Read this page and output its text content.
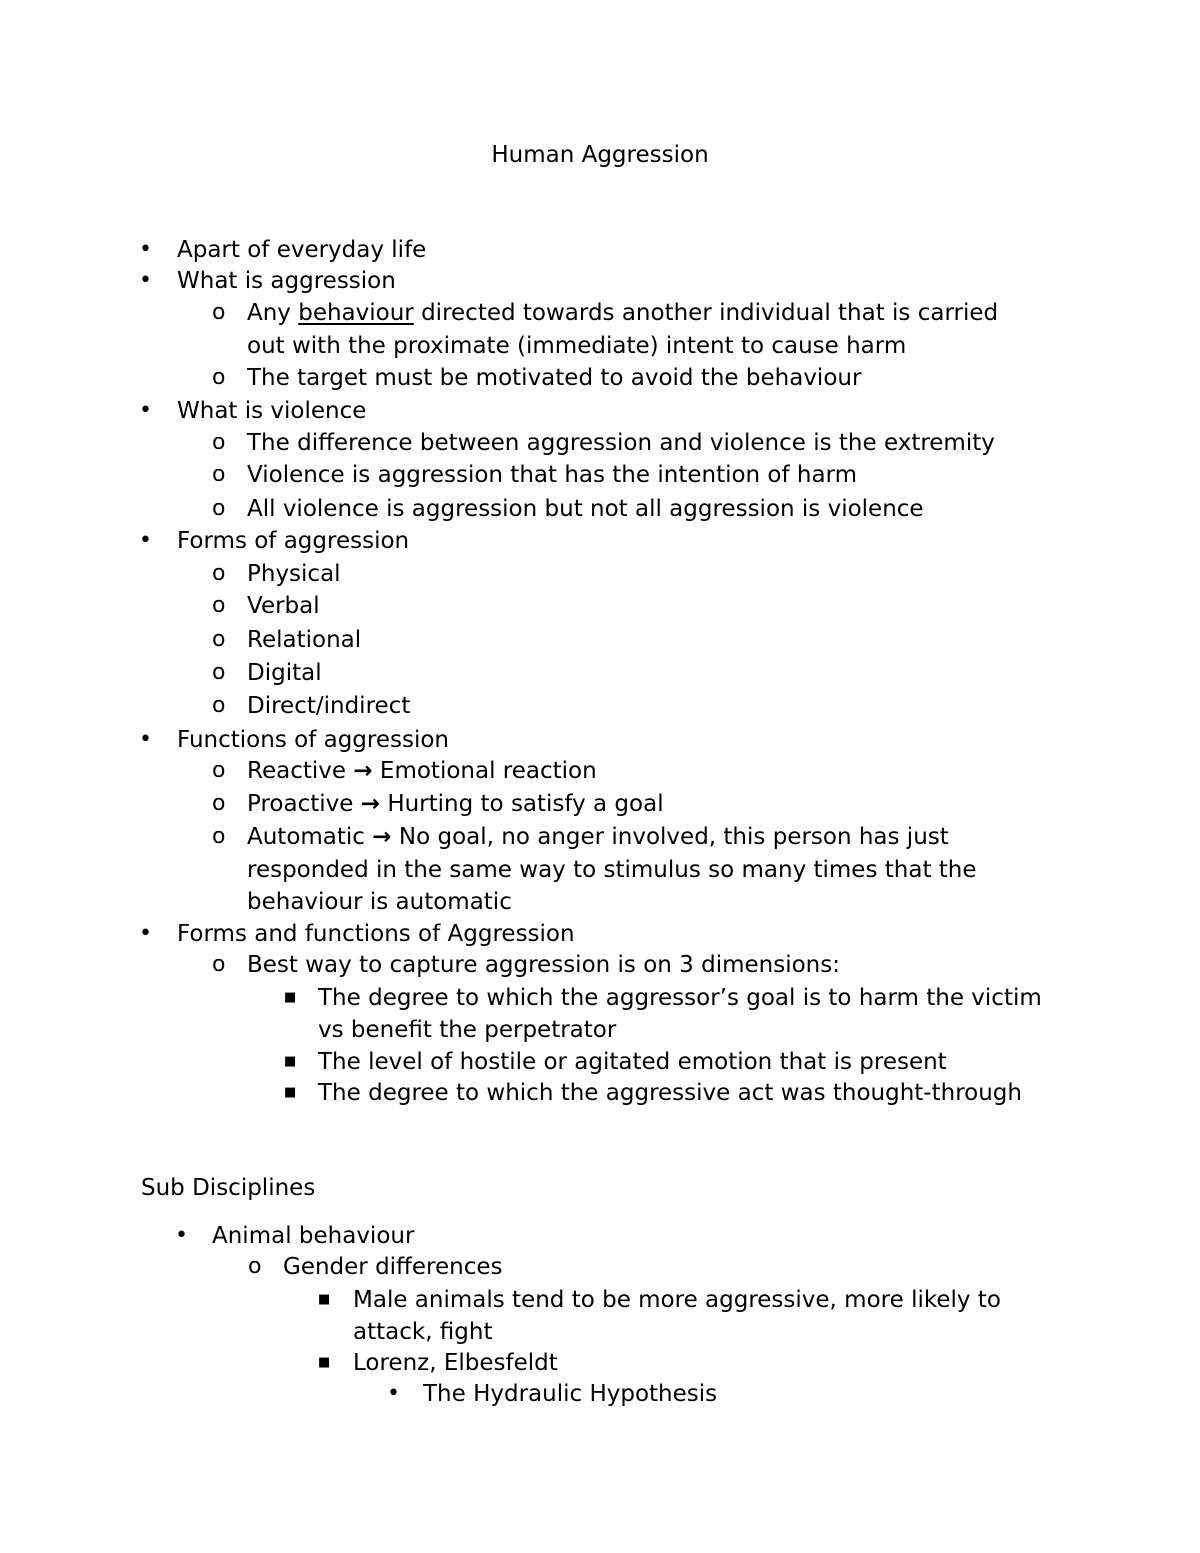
Human Aggression
• Apart of everyday life
• What is aggression
o Any behaviour directed towards another individual that is carried
out with the proximate (immediate) intent to cause harm
o The target must be motivated to avoid the behaviour
• What is violence
o The difference between aggression and violence is the extremity
o Violence is aggression that has the intention of harm
o All violence is aggression but not all aggression is violence
• Forms of aggression
o Physical
o Verbal
o Relational
o Digital
o Direct/indirect
• Functions of aggression
o Reactive → Emotional reaction
o Proactive → Hurting to satisfy a goal
o Automatic → No goal, no anger involved, this person has just
responded in the same way to stimulus so many times that the
behaviour is automatic
• Forms and functions of Aggression
o Best way to capture aggression is on 3 dimensions:
■ The degree to which the aggressor’s goal is to harm the victim
vs benefit the perpetrator
■ The level of hostile or agitated emotion that is present
■ The degree to which the aggressive act was thought-through
Sub Disciplines
• Animal behaviour
o Gender differences
■ Male animals tend to be more aggressive, more likely to
attack, fight
■ Lorenz, Elbesfeldt
• The Hydraulic Hypothesis
